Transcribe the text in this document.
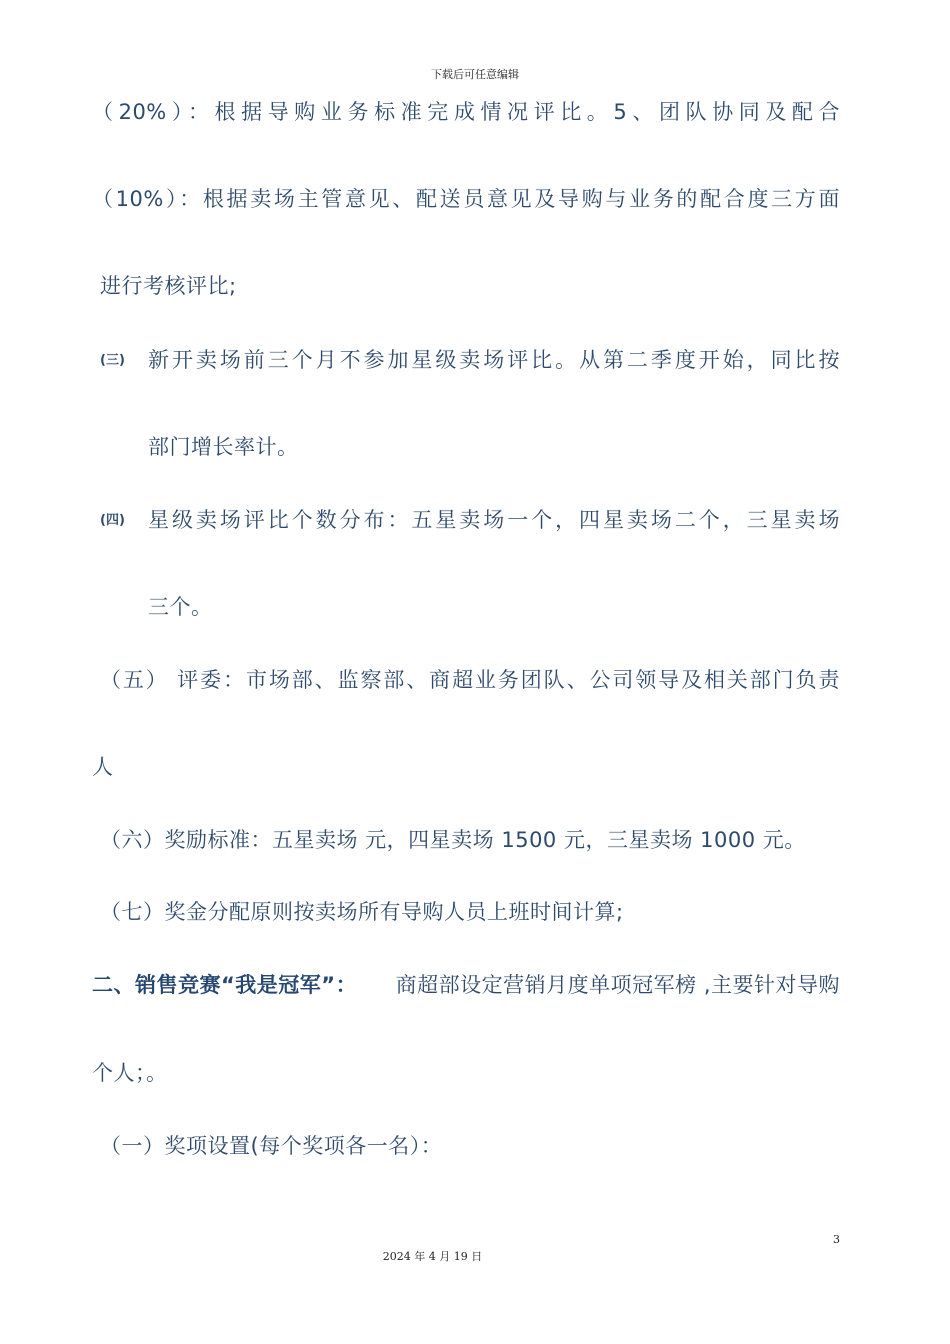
下载后可任意编辑
（20%）：根据导购业务标准完成情况评比。5、团队协同及配合
（10%）：根据卖场主管意见、配送员意见及导购与业务的配合度三方面
进行考核评比;
(三) 新开卖场前三个月不参加星级卖场评比。从第二季度开始，同比按
部门增长率计。
(四) 星级卖场评比个数分布：五星卖场一个，四星卖场二个，三星卖场
三个。
（五） 评委：市场部、监察部、商超业务团队、公司领导及相关部门负责
人
（六）奖励标准：五星卖场 元，四星卖场 1500 元，三星卖场 1000 元。
（七）奖金分配原则按卖场所有导购人员上班时间计算;
二、销售竞赛“我是冠军”： 商超部设定营销月度单项冠军榜 ,主要针对导购
个人；。
（一）奖项设置(每个奖项各一名）：
3
2024 年 4 月 19 日
